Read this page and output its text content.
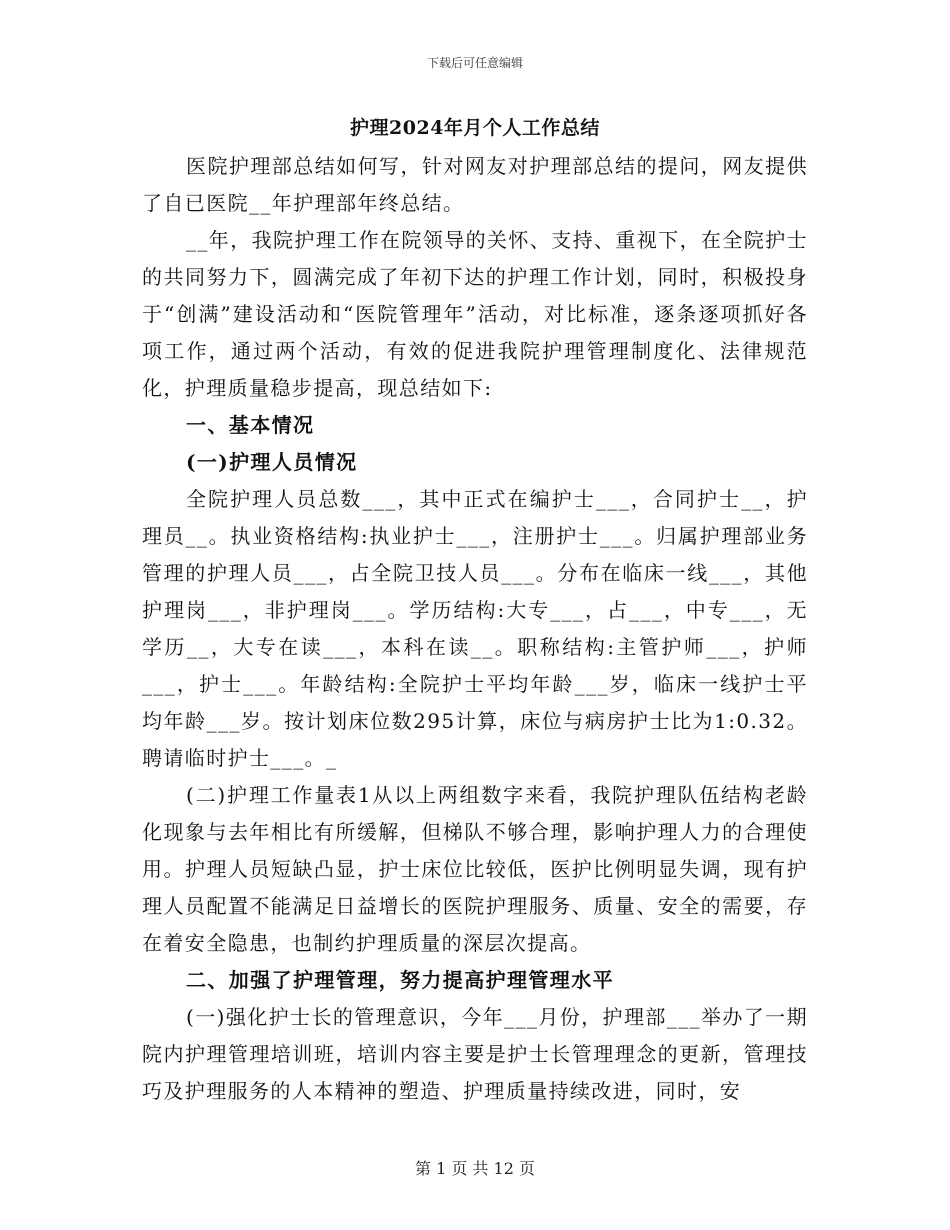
下载后可任意编辑
护理2024年月个人工作总结

医院护理部总结如何写，针对网友对护理部总结的提问，网友提供了自已医院__年护理部年终总结。

__年，我院护理工作在院领导的关怀、支持、重视下，在全院护士的共同努力下，圆满完成了年初下达的护理工作计划，同时，积极投身于“创满”建设活动和“医院管理年”活动，对比标准，逐条逐项抓好各项工作，通过两个活动，有效的促进我院护理管理制度化、法律规范化，护理质量稳步提高，现总结如下:

一、基本情况

(一)护理人员情况

全院护理人员总数___，其中正式在编护士___，合同护士__，护理员__。执业资格结构:执业护士___，注册护士___。归属护理部业务管理的护理人员___，占全院卫技人员___。分布在临床一线___，其他护理岗___，非护理岗___。学历结构:大专___，占___，中专___，无学历__，大专在读___，本科在读__。职称结构:主管护师___，护师___，护士___。年龄结构:全院护士平均年龄___岁，临床一线护士平均年龄___岁。按计划床位数295计算，床位与病房护士比为1:0.32。聘请临时护士___。_

(二)护理工作量表1从以上两组数字来看，我院护理队伍结构老龄化现象与去年相比有所缓解，但梯队不够合理，影响护理人力的合理使用。护理人员短缺凸显，护士床位比较低，医护比例明显失调，现有护理人员配置不能满足日益增长的医院护理服务、质量、安全的需要，存在着安全隐患，也制约护理质量的深层次提高。

二、加强了护理管理，努力提高护理管理水平

(一)强化护士长的管理意识，今年___月份，护理部___举办了一期院内护理管理培训班，培训内容主要是护士长管理理念的更新，管理技巧及护理服务的人本精神的塑造、护理质量持续改进，同时，安

第 1 页 共 12 页
